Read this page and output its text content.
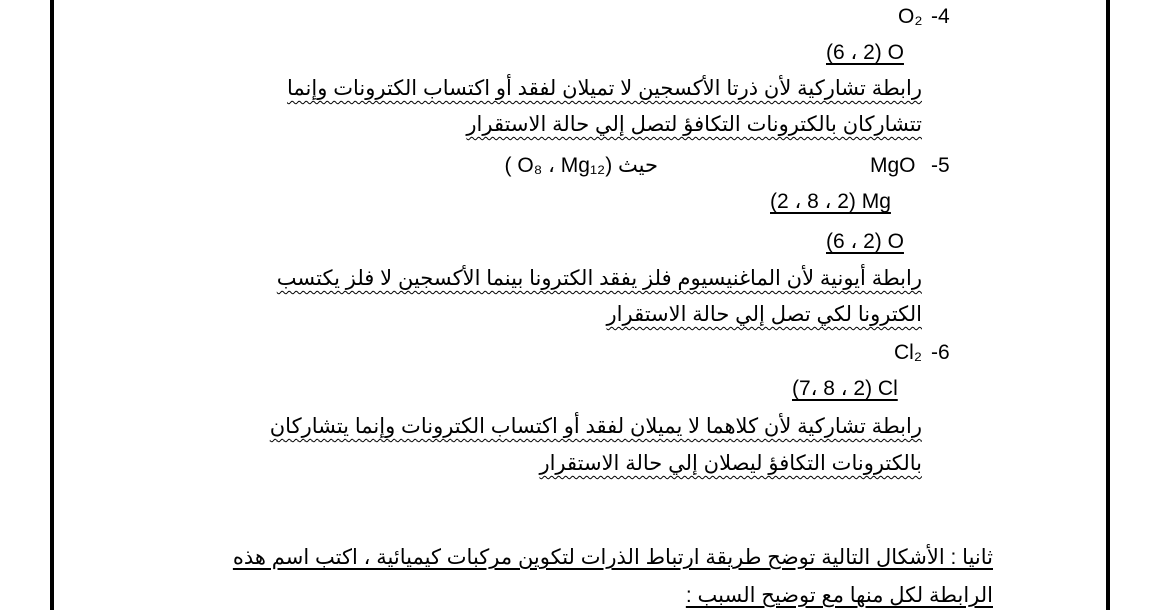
O₂ -4
(6 ، 2) O
رابطة تشاركية لأن ذرتا الأكسجين لا تميلان لفقد أو اكتساب الكترونات وإنما
تتشاركان بالكترونات التكافؤ لتصل إلي حالة الاستقرار
حيث (O₈ ، Mg₁₂ )	MgO -5
(2 ، 8 ، 2) Mg
(6 ، 2) O
رابطة أيونية لأن الماغنيسيوم فلز يفقد الكترونا بينما الأكسجين لا فلز يكتسب
الكترونا لكي تصل إلي حالة الاستقرار
Cl₂ -6
(7، 8 ، 2) Cl
رابطة تشاركية لأن كلاهما لا يميلان لفقد أو اكتساب الكترونات وإنما يتشاركان
بالكترونات التكافؤ ليصلان إلي حالة الاستقرار
ثانيا : الأشكال التالية توضح طريقة ارتباط الذرات لتكوين مركبات كيميائية ، اكتب اسم هذه
الرابطة لكل منها مع توضيح السبب :
